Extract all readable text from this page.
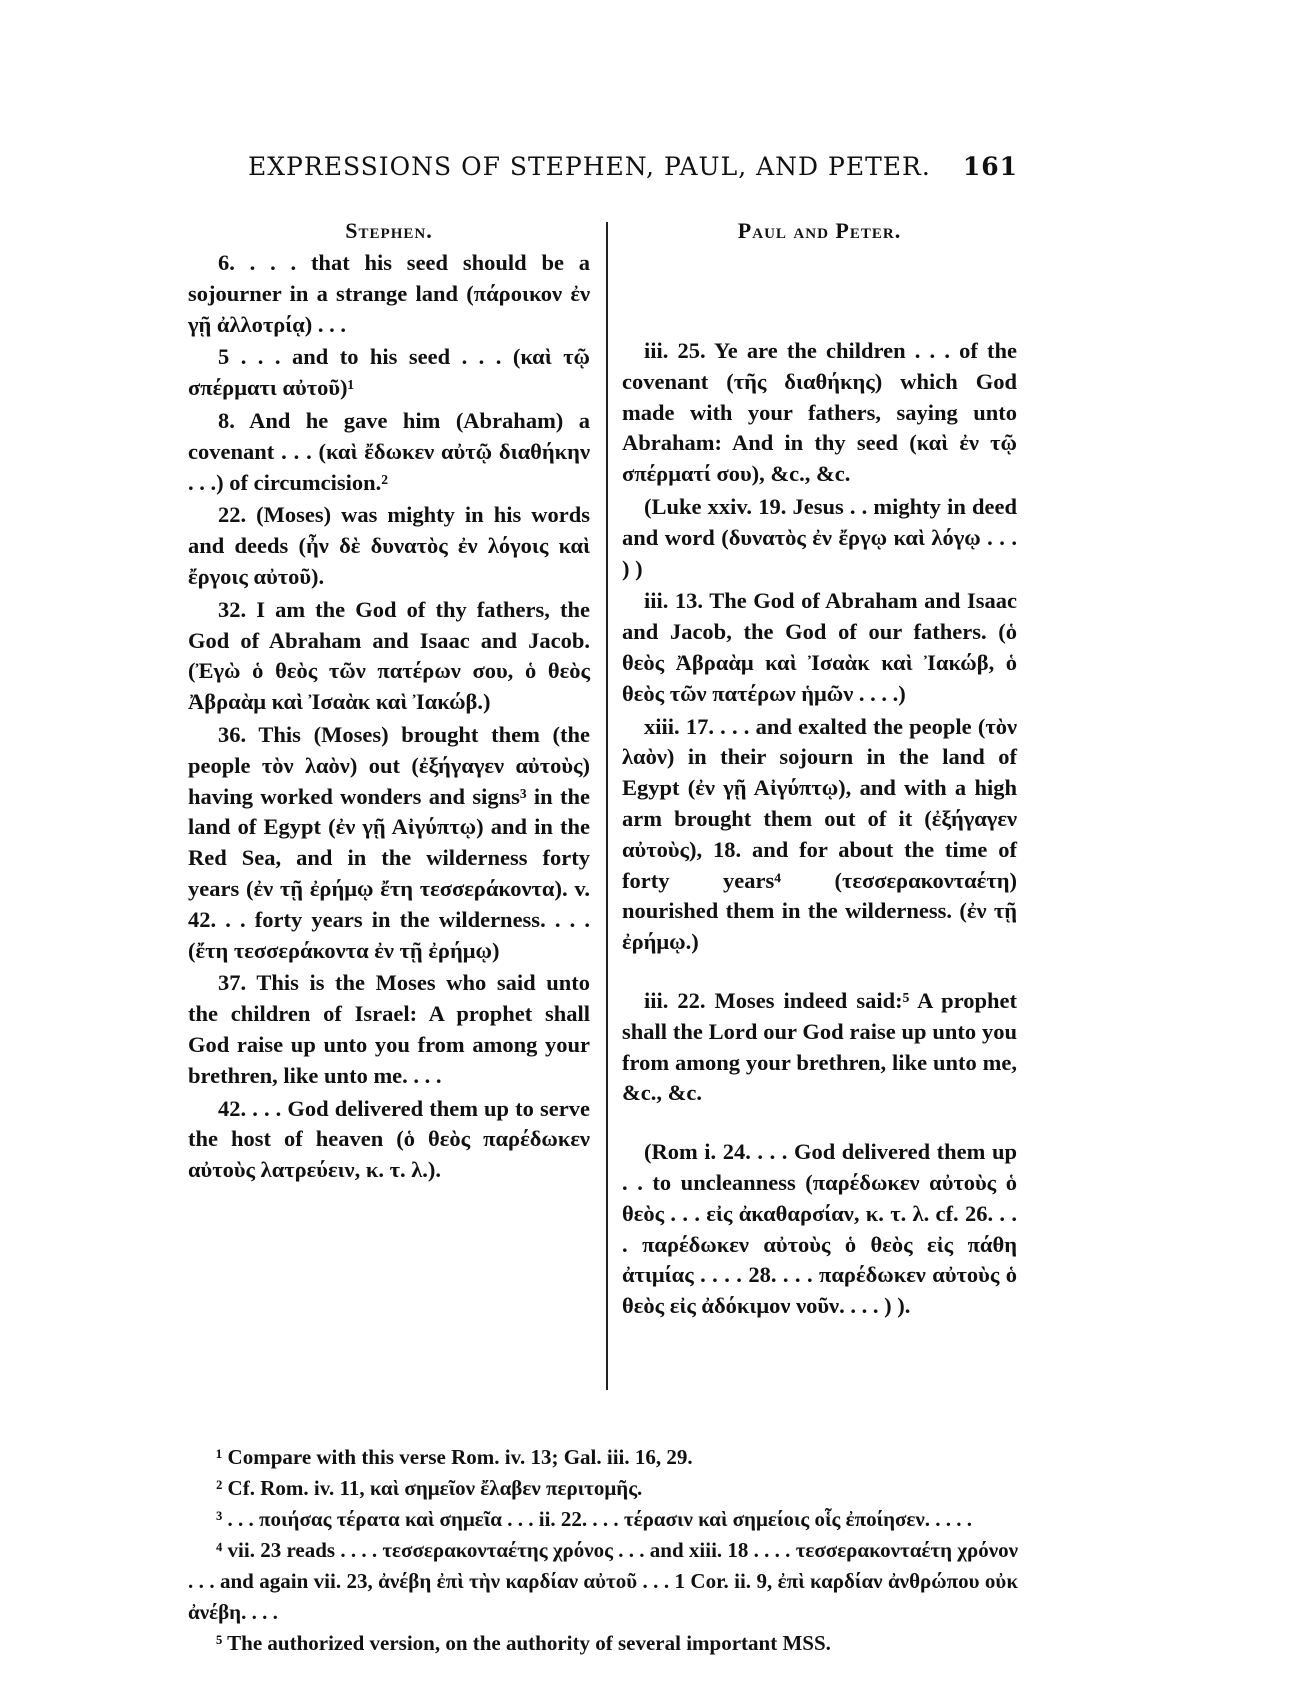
EXPRESSIONS OF STEPHEN, PAUL, AND PETER. 161
Stephen.

6. . . . that his seed should be a sojourner in a strange land (πάροικον ἐν γῇ ἀλλοτρίᾳ) . . .

5 . . . and to his seed . . . (καὶ τῷ σπέρματι αὐτοῦ)¹

8. And he gave him (Abraham) a covenant . . . (καὶ ἔδωκεν αὐτῷ διαθήκην . . .) of circumcision.²

22. (Moses) was mighty in his words and deeds (ἦν δὲ δυνατὸς ἐν λόγοις καὶ ἔργοις αὐτοῦ).

32. I am the God of thy fathers, the God of Abraham and Isaac and Jacob. (Ἐγὼ ὁ θεὸς τῶν πατέρων σου, ὁ θεὸς Ἀβραὰμ καὶ Ἰσαὰκ καὶ Ἰακώβ.)

36. This (Moses) brought them (the people τὸν λαὸν) out (ἐξήγαγεν αὐτοὺς) having worked wonders and signs³ in the land of Egypt (ἐν γῇ Αἰγύπτῳ) and in the Red Sea, and in the wilderness forty years (ἐν τῇ ἐρήμῳ ἔτη τεσσεράκοντα). v. 42. . . forty years in the wilderness. . . . (ἔτη τεσσεράκοντα ἐν τῇ ἐρήμῳ)

37. This is the Moses who said unto the children of Israel: A prophet shall God raise up unto you from among your brethren, like unto me. . . .

42. . . . God delivered them up to serve the host of heaven (ὁ θεὸς παρέδωκεν αὐτοὺς λατρεύειν, κ. τ. λ.).

Paul and Peter.

iii. 25. Ye are the children . . . of the covenant (τῆς διαθήκης) which God made with your fathers, saying unto Abraham: And in thy seed (καὶ ἐν τῷ σπέρματί σου), &c., &c.

(Luke xxiv. 19. Jesus . . mighty in deed and word (δυνατὸς ἐν ἔργῳ καὶ λόγῳ . . . ) )

iii. 13. The God of Abraham and Isaac and Jacob, the God of our fathers. (ὁ θεὸς Ἀβραὰμ καὶ Ἰσαὰκ καὶ Ἰακώβ, ὁ θεὸς τῶν πατέρων ἡμῶν . . . .)

xiii. 17. . . . and exalted the people (τὸν λαὸν) in their sojourn in the land of Egypt (ἐν γῇ Αἰγύπτῳ), and with a high arm brought them out of it (ἐξήγαγεν αὐτοὺς), 18. and for about the time of forty years⁴ (τεσσερακονταέτη) nourished them in the wilderness. (ἐν τῇ ἐρήμῳ.)

iii. 22. Moses indeed said:⁵ A prophet shall the Lord our God raise up unto you from among your brethren, like unto me, &c., &c.

(Rom i. 24. . . . God delivered them up . . to uncleanness (παρέδωκεν αὐτοὺς ὁ θεὸς . . . εἰς ἀκαθαρσίαν, κ. τ. λ. cf. 26. . . . παρέδωκεν αὐτοὺς ὁ θεὸς εἰς πάθη ἀτιμίας . . . . 28. . . . παρέδωκεν αὐτοὺς ὁ θεὸς εἰς ἀδόκιμον νοῦν. . . . ) ).

¹ Compare with this verse Rom. iv. 13; Gal. iii. 16, 29.

² Cf. Rom. iv. 11, καὶ σημεῖον ἔλαβεν περιτομῆς.

³ . . . ποιήσας τέρατα καὶ σημεῖα . . . ii. 22. . . . τέρασιν καὶ σημείοις οἷς ἐποίησεν. . . . .

⁴ vii. 23 reads . . . . τεσσερακονταέτης χρόνος . . . and xiii. 18 . . . . τεσσερακονταέτη χρόνον . . . and again vii. 23, ἀνέβη ἐπὶ τὴν καρδίαν αὐτοῦ . . . 1 Cor. ii. 9, ἐπὶ καρδίαν ἀνθρώπου οὐκ ἀνέβη. . . .

⁵ The authorized version, on the authority of several important MSS.
